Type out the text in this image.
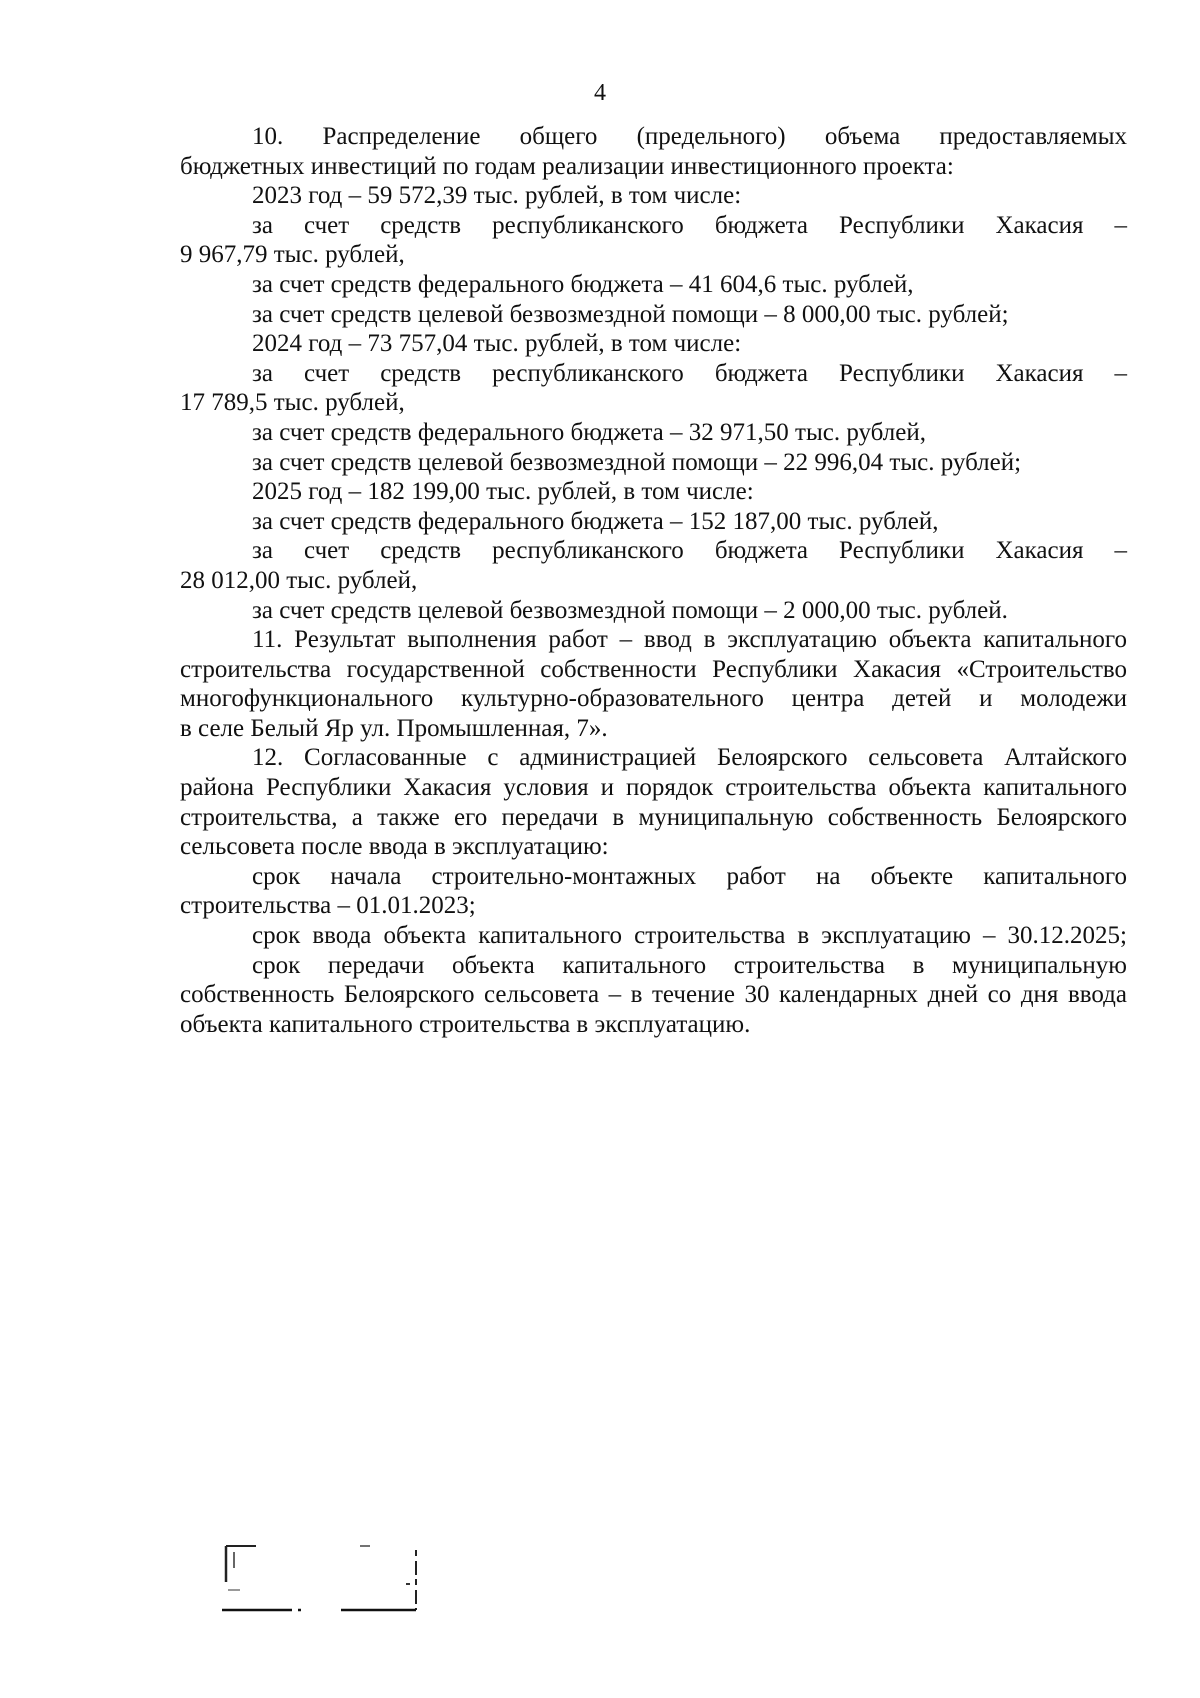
4
10. Распределение общего (предельного) объема предоставляемых
бюджетных инвестиций по годам реализации инвестиционного проекта:
2023 год – 59 572,39 тыс. рублей, в том числе:
за счет средств республиканского бюджета Республики Хакасия –
9 967,79 тыс. рублей,
за счет средств федерального бюджета – 41 604,6 тыс. рублей,
за счет средств целевой безвозмездной помощи – 8 000,00 тыс. рублей;
2024 год – 73 757,04 тыс. рублей, в том числе:
за счет средств республиканского бюджета Республики Хакасия –
17 789,5 тыс. рублей,
за счет средств федерального бюджета – 32 971,50 тыс. рублей,
за счет средств целевой безвозмездной помощи – 22 996,04 тыс. рублей;
2025 год – 182 199,00 тыс. рублей, в том числе:
за счет средств федерального бюджета – 152 187,00 тыс. рублей,
за счет средств республиканского бюджета Республики Хакасия –
28 012,00 тыс. рублей,
за счет средств целевой безвозмездной помощи – 2 000,00 тыс. рублей.
11. Результат выполнения работ – ввод в эксплуатацию объекта капитального
строительства государственной собственности Республики Хакасия «Строительство
многофункционального культурно-образовательного центра детей и молодежи
в селе Белый Яр ул. Промышленная, 7».
12. Согласованные с администрацией Белоярского сельсовета Алтайского
района Республики Хакасия условия и порядок строительства объекта капитального
строительства, а также его передачи в муниципальную собственность Белоярского
сельсовета после ввода в эксплуатацию:
срок начала строительно-монтажных работ на объекте капитального
строительства – 01.01.2023;
срок ввода объекта капитального строительства в эксплуатацию – 30.12.2025;
срок передачи объекта капитального строительства в муниципальную
собственность Белоярского сельсовета – в течение 30 календарных дней со дня ввода
объекта капитального строительства в эксплуатацию.
